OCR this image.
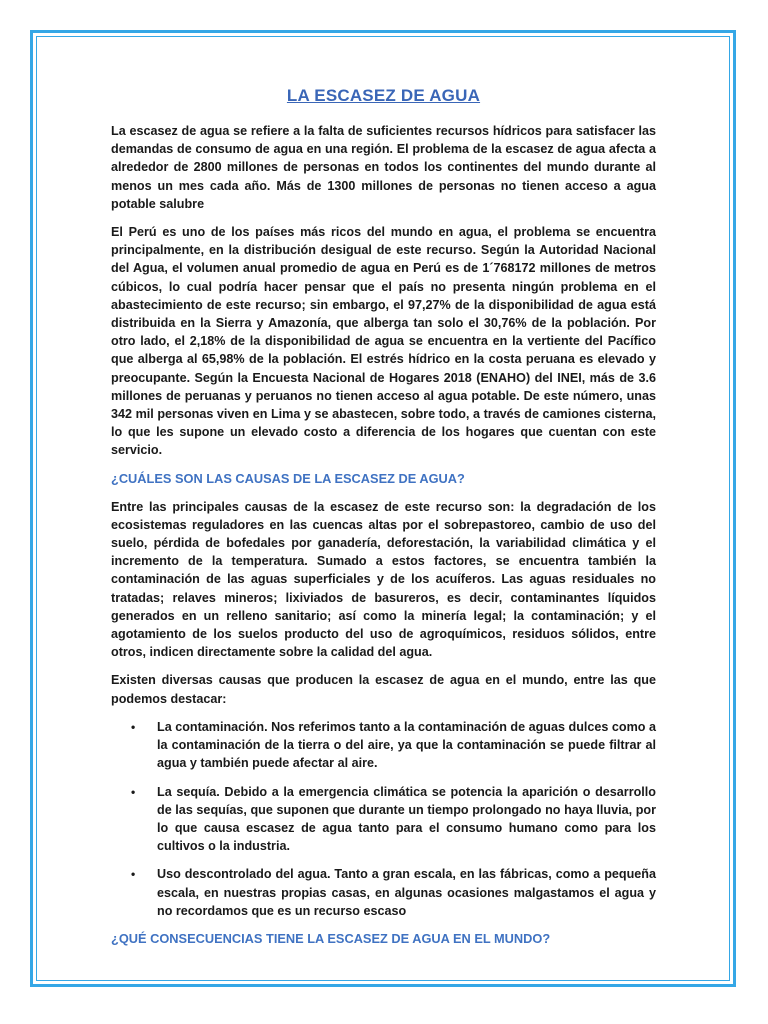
LA ESCASEZ DE AGUA

La escasez de agua se refiere a la falta de suficientes recursos hídricos para satisfacer las demandas de consumo de agua en una región. El problema de la escasez de agua afecta a alrededor de 2800 millones de personas en todos los continentes del mundo durante al menos un mes cada año. Más de 1300 millones de personas no tienen acceso a agua potable salubre

El Perú es uno de los países más ricos del mundo en agua, el problema se encuentra principalmente, en la distribución desigual de este recurso. Según la Autoridad Nacional del Agua, el volumen anual promedio de agua en Perú es de 1´768172 millones de metros cúbicos, lo cual podría hacer pensar que el país no presenta ningún problema en el abastecimiento de este recurso; sin embargo, el 97,27% de la disponibilidad de agua está distribuida en la Sierra y Amazonía, que alberga tan solo el 30,76% de la población. Por otro lado, el 2,18% de la disponibilidad de agua se encuentra en la vertiente del Pacífico que alberga al 65,98% de la población. El estrés hídrico en la costa peruana es elevado y preocupante. Según la Encuesta Nacional de Hogares 2018 (ENAHO) del INEI, más de 3.6 millones de peruanas y peruanos no tienen acceso al agua potable. De este número, unas 342 mil personas viven en Lima y se abastecen, sobre todo, a través de camiones cisterna, lo que les supone un elevado costo a diferencia de los hogares que cuentan con este servicio.

¿CUÁLES SON LAS CAUSAS DE LA ESCASEZ DE AGUA?

Entre las principales causas de la escasez de este recurso son: la degradación de los ecosistemas reguladores en las cuencas altas por el sobrepastoreo, cambio de uso del suelo, pérdida de bofedales por ganadería, deforestación, la variabilidad climática y el incremento de la temperatura. Sumado a estos factores, se encuentra también la contaminación de las aguas superficiales y de los acuíferos. Las aguas residuales no tratadas; relaves mineros; lixiviados de basureros, es decir, contaminantes líquidos generados en un relleno sanitario; así como la minería legal; la contaminación; y el agotamiento de los suelos producto del uso de agroquímicos, residuos sólidos, entre otros, indicen directamente sobre la calidad del agua.

Existen diversas causas que producen la escasez de agua en el mundo, entre las que podemos destacar:

• La contaminación. Nos referimos tanto a la contaminación de aguas dulces como a la contaminación de la tierra o del aire, ya que la contaminación se puede filtrar al agua y también puede afectar al aire.
• La sequía. Debido a la emergencia climática se potencia la aparición o desarrollo de las sequías, que suponen que durante un tiempo prolongado no haya lluvia, por lo que causa escasez de agua tanto para el consumo humano como para los cultivos o la industria.
• Uso descontrolado del agua. Tanto a gran escala, en las fábricas, como a pequeña escala, en nuestras propias casas, en algunas ocasiones malgastamos el agua y no recordamos que es un recurso escaso
¿QUÉ CONSECUENCIAS TIENE LA ESCASEZ DE AGUA EN EL MUNDO?
